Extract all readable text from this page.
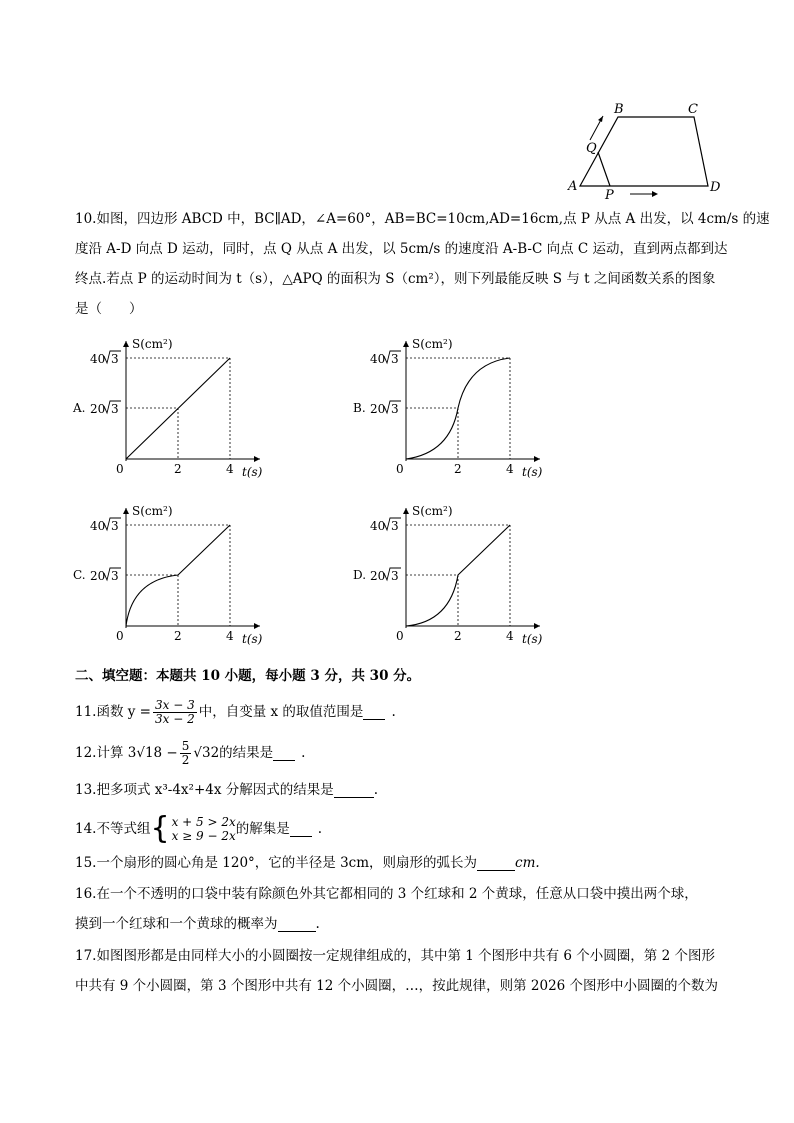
A
B	C
D
Q
P
10.如图，四边形 ABCD 中，BC∥AD，∠A=60°，AB=BC=10cm,AD=16cm,点 P 从点 A 出发，以 4cm/s 的速
度沿 A-D 向点 D 运动，同时，点 Q 从点 A 出发，以 5cm/s 的速度沿 A-B-C 向点 C 运动，直到两点都到达
终点.若点 P 的运动时间为 t（s），△APQ 的面积为 S（cm²），则下列最能反映 S 与 t 之间函数关系的图象
是（　　）
A.
S(cm²)
0	2	4 t(s)
40 3
20 3	B.
S(cm²)
0	2	4 t(s)
40 3
20 3
C.
S(cm²)
0	2	4 t(s)
40 3
20 3	D.
S(cm²)
0	2	4 t(s)
40 3
20 3
二、填空题：本题共 10 小题，每小题 3 分，共 30 分。
11.函数 $y = \frac{3x - 3}{3x - 2}$ 中，自变量 x 的取值范围是 .
12.计算 $3√18 - \frac{5}{2} √32$ 的结果是 .
13.把多项式 x³-4x²+4x 分解因式的结果是	.
14.不等式组 { x + 5 > 2x
x ≥ 9 − 2x 的解集是 .
15.一个扇形的圆心角是 120°，它的半径是 3cm，则扇形的弧长为	cm.
16.在一个不透明的口袋中装有除颜色外其它都相同的 3 个红球和 2 个黄球，任意从口袋中摸出两个球，
摸到一个红球和一个黄球的概率为	.
17.如图图形都是由同样大小的小圆圈按一定规律组成的，其中第 1 个图形中共有 6 个小圆圈，第 2 个图形
中共有 9 个小圆圈，第 3 个图形中共有 12 个小圆圈，…，按此规律，则第 2026 个图形中小圆圈的个数为
